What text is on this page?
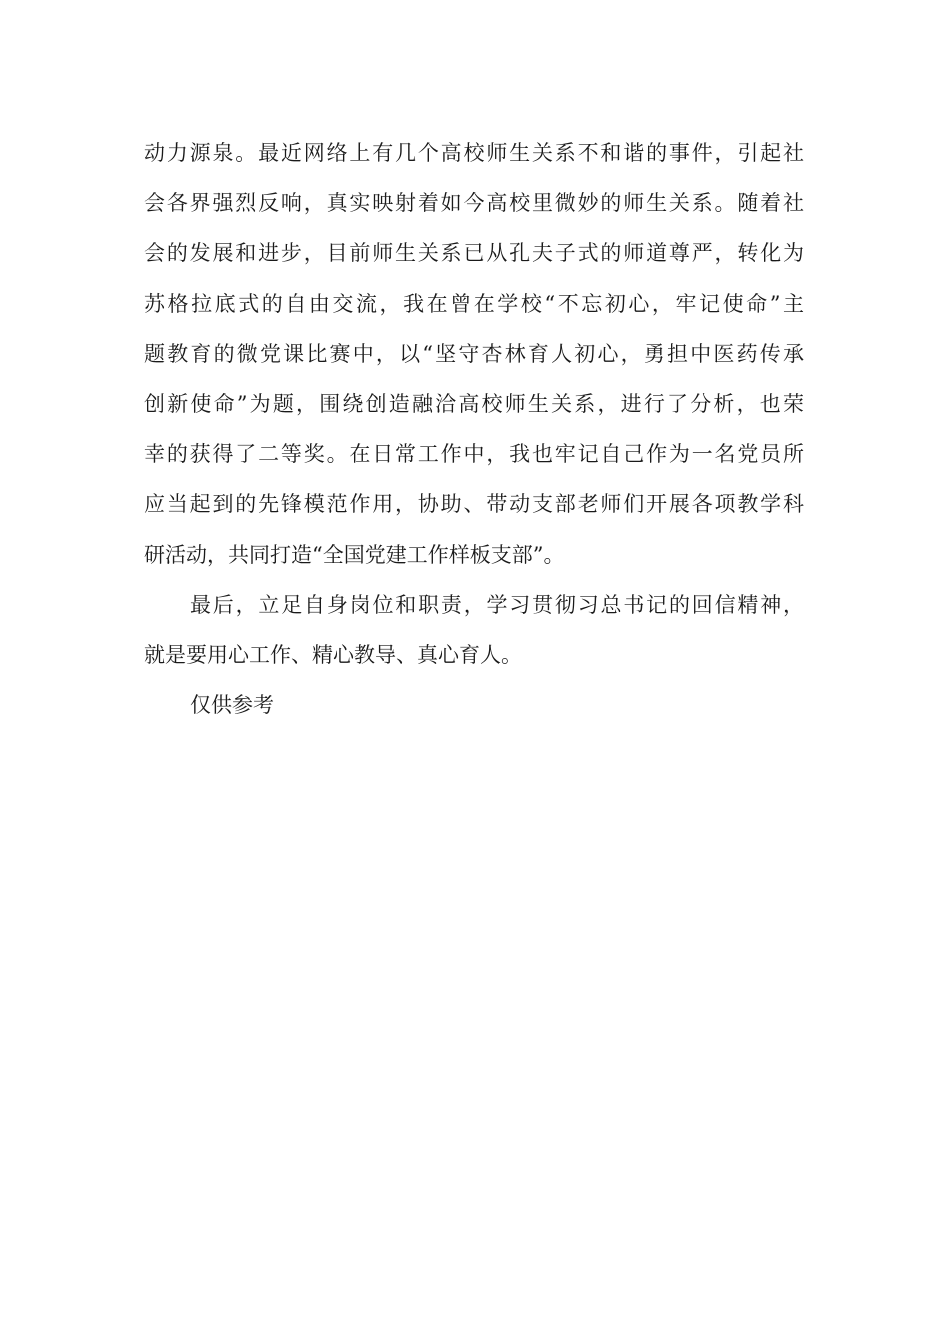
动力源泉。最近网络上有几个高校师生关系不和谐的事件，引起社
会各界强烈反响，真实映射着如今高校里微妙的师生关系。随着社
会的发展和进步，目前师生关系已从孔夫子式的师道尊严，转化为
苏格拉底式的自由交流，我在曾在学校“不忘初心，牢记使命”主
题教育的微党课比赛中，以“坚守杏林育人初心，勇担中医药传承
创新使命”为题，围绕创造融洽高校师生关系，进行了分析，也荣
幸的获得了二等奖。在日常工作中，我也牢记自己作为一名党员所
应当起到的先锋模范作用，协助、带动支部老师们开展各项教学科
研活动，共同打造“全国党建工作样板支部”。
最后，立足自身岗位和职责，学习贯彻习总书记的回信精神，
就是要用心工作、精心教导、真心育人。
仅供参考
